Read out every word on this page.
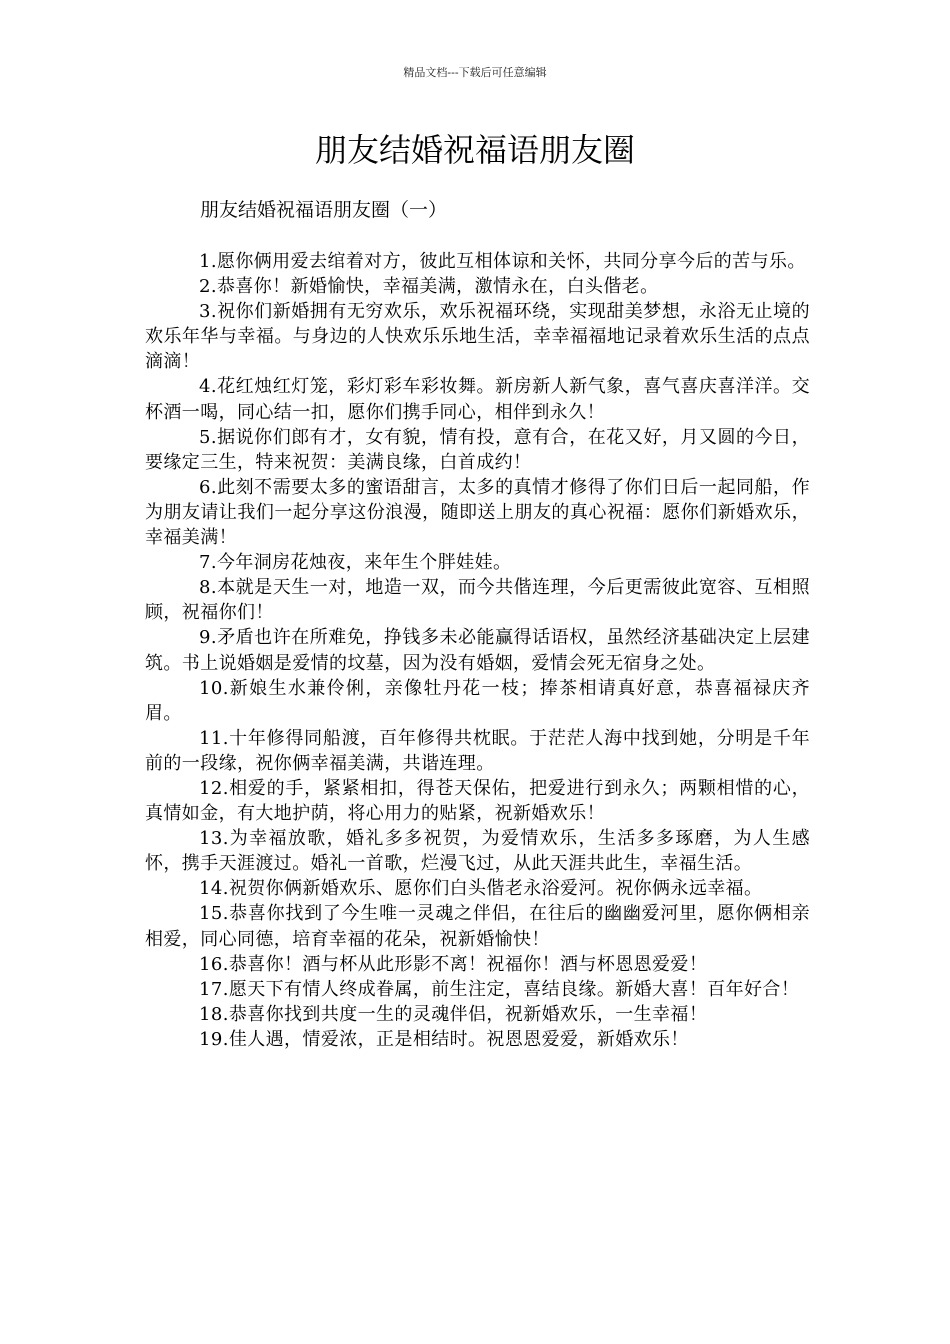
精品文档---下载后可任意编辑
朋友结婚祝福语朋友圈
朋友结婚祝福语朋友圈（一）

1.愿你俩用爱去绾着对方，彼此互相体谅和关怀，共同分享今后的苦与乐。

2.恭喜你！新婚愉快，幸福美满，激情永在，白头偕老。

3.祝你们新婚拥有无穷欢乐，欢乐祝福环绕，实现甜美梦想，永浴无止境的欢乐年华与幸福。与身边的人快欢乐乐地生活，幸幸福福地记录着欢乐生活的点点滴滴！

4.花红烛红灯笼，彩灯彩车彩妆舞。新房新人新气象，喜气喜庆喜洋洋。交杯酒一喝，同心结一扣，愿你们携手同心，相伴到永久！

5.据说你们郎有才，女有貌，情有投，意有合，在花又好，月又圆的今日，要缘定三生，特来祝贺：美满良缘，白首成约！

6.此刻不需要太多的蜜语甜言，太多的真情才修得了你们日后一起同船，作为朋友请让我们一起分享这份浪漫，随即送上朋友的真心祝福：愿你们新婚欢乐，幸福美满！

7.今年洞房花烛夜，来年生个胖娃娃。

8.本就是天生一对，地造一双，而今共偕连理，今后更需彼此宽容、互相照顾，祝福你们！

9.矛盾也许在所难免，挣钱多未必能赢得话语权，虽然经济基础决定上层建筑。书上说婚姻是爱情的坟墓，因为没有婚姻，爱情会死无宿身之处。

10.新娘生水兼伶俐，亲像牡丹花一枝；捧茶相请真好意，恭喜福禄庆齐眉。

11.十年修得同船渡，百年修得共枕眠。于茫茫人海中找到她，分明是千年前的一段缘，祝你俩幸福美满，共谐连理。

12.相爱的手，紧紧相扣，得苍天保佑，把爱进行到永久；两颗相惜的心，真情如金，有大地护荫，将心用力的贴紧，祝新婚欢乐！

13.为幸福放歌，婚礼多多祝贺，为爱情欢乐，生活多多琢磨，为人生感怀，携手天涯渡过。婚礼一首歌，烂漫飞过，从此天涯共此生，幸福生活。

14.祝贺你俩新婚欢乐、愿你们白头偕老永浴爱河。祝你俩永远幸福。

15.恭喜你找到了今生唯一灵魂之伴侣，在往后的幽幽爱河里，愿你俩相亲相爱，同心同德，培育幸福的花朵，祝新婚愉快！

16.恭喜你！酒与杯从此形影不离！祝福你！酒与杯恩恩爱爱！

17.愿天下有情人终成眷属，前生注定，喜结良缘。新婚大喜！百年好合！

18.恭喜你找到共度一生的灵魂伴侣，祝新婚欢乐，一生幸福！

19.佳人遇，情爱浓，正是相结时。祝恩恩爱爱，新婚欢乐！
